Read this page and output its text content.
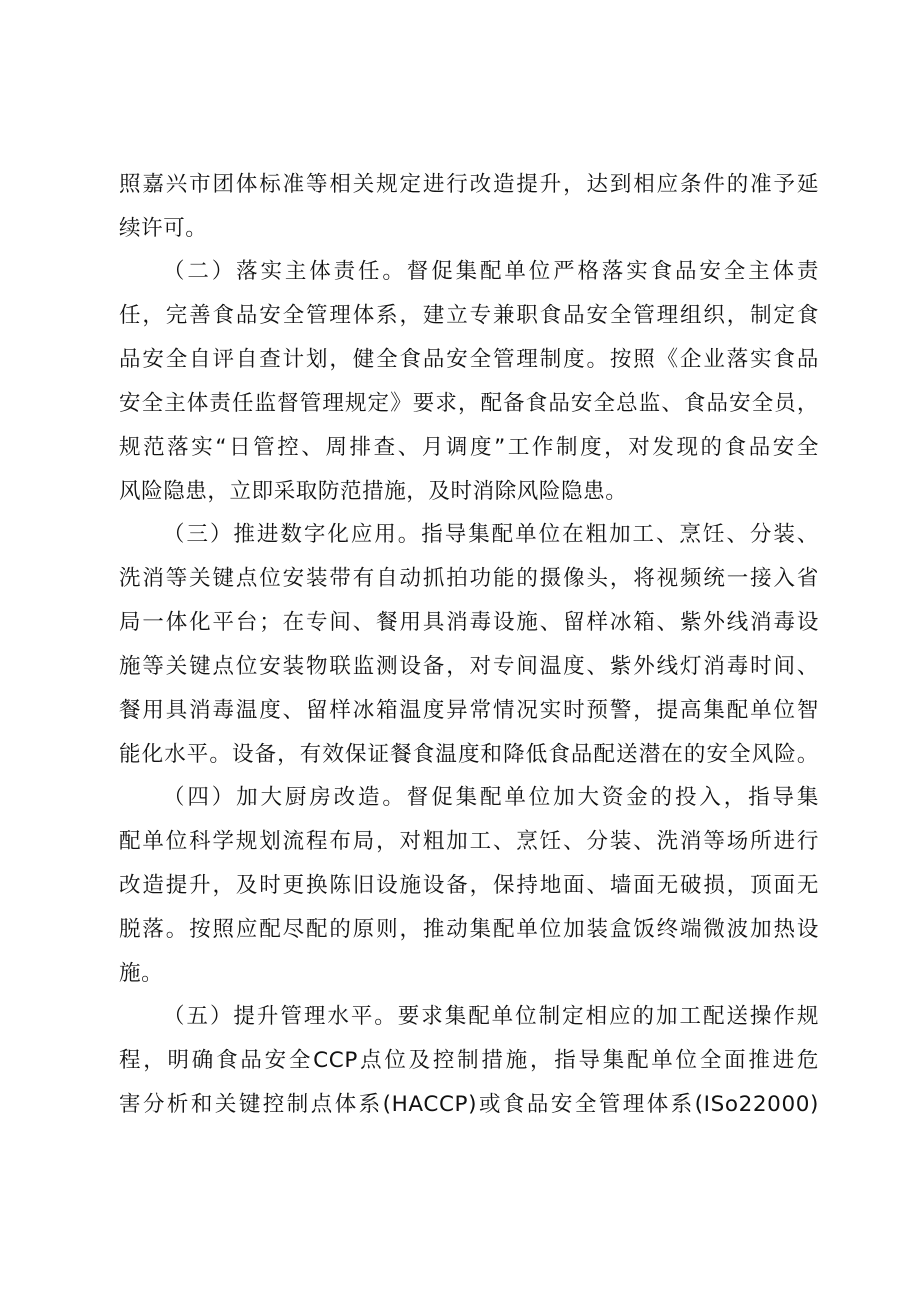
照嘉兴市团体标准等相关规定进行改造提升，达到相应条件的准予延
续许可。
（二）落实主体责任。督促集配单位严格落实食品安全主体责
任，完善食品安全管理体系，建立专兼职食品安全管理组织，制定食
品安全自评自查计划，健全食品安全管理制度。按照《企业落实食品
安全主体责任监督管理规定》要求，配备食品安全总监、食品安全员，
规范落实“日管控、周排查、月调度”工作制度，对发现的食品安全
风险隐患，立即采取防范措施，及时消除风险隐患。
（三）推进数字化应用。指导集配单位在粗加工、烹饪、分装、
洗消等关键点位安装带有自动抓拍功能的摄像头，将视频统一接入省
局一体化平台；在专间、餐用具消毒设施、留样冰箱、紫外线消毒设
施等关键点位安装物联监测设备，对专间温度、紫外线灯消毒时间、
餐用具消毒温度、留样冰箱温度异常情况实时预警，提高集配单位智
能化水平。设备，有效保证餐食温度和降低食品配送潜在的安全风险。
（四）加大厨房改造。督促集配单位加大资金的投入，指导集
配单位科学规划流程布局，对粗加工、烹饪、分装、洗消等场所进行
改造提升，及时更换陈旧设施设备，保持地面、墙面无破损，顶面无
脱落。按照应配尽配的原则，推动集配单位加装盒饭终端微波加热设
施。
（五）提升管理水平。要求集配单位制定相应的加工配送操作规
程，明确食品安全CCP点位及控制措施，指导集配单位全面推进危
害分析和关键控制点体系(HACCP)或食品安全管理体系(ISo22000)
